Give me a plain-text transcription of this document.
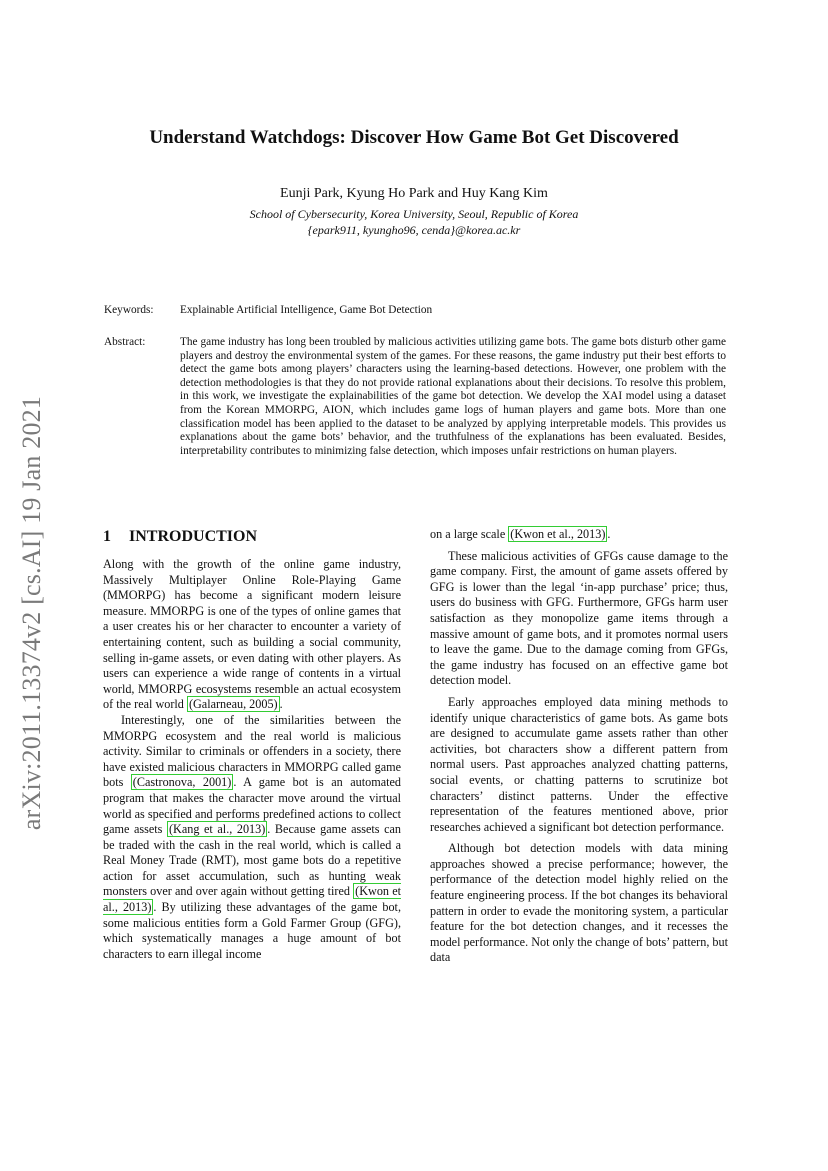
arXiv:2011.13374v2 [cs.AI] 19 Jan 2021
Understand Watchdogs: Discover How Game Bot Get Discovered
Eunji Park, Kyung Ho Park and Huy Kang Kim
School of Cybersecurity, Korea University, Seoul, Republic of Korea
{epark911, kyungho96, cenda}@korea.ac.kr
Keywords:	Explainable Artificial Intelligence, Game Bot Detection
Abstract:	The game industry has long been troubled by malicious activities utilizing game bots. The game bots disturb other game players and destroy the environmental system of the games. For these reasons, the game industry put their best efforts to detect the game bots among players’ characters using the learning-based detections. However, one problem with the detection methodologies is that they do not provide rational explanations about their decisions. To resolve this problem, in this work, we investigate the explainabilities of the game bot detection. We develop the XAI model using a dataset from the Korean MMORPG, AION, which includes game logs of human players and game bots. More than one classification model has been applied to the dataset to be analyzed by applying interpretable models. This provides us explanations about the game bots’ behavior, and the truthfulness of the explanations has been evaluated. Besides, interpretability contributes to minimizing false detection, which imposes unfair restrictions on human players.
1 INTRODUCTION

Along with the growth of the online game industry, Massively Multiplayer Online Role-Playing Game (MMORPG) has become a significant modern leisure measure. MMORPG is one of the types of online games that a user creates his or her character to encounter a variety of entertaining content, such as building a social community, selling in-game assets, or even dating with other players. As users can experience a wide range of contents in a virtual world, MMORPG ecosystems resemble an actual ecosystem of the real world (Galarneau, 2005) .

Interestingly, one of the similarities between the MMORPG ecosystem and the real world is malicious activity. Similar to criminals or offenders in a society, there have existed malicious characters in MMORPG called game bots (Castronova, 2001) . A game bot is an automated program that makes the character move around the virtual world as specified and performs predefined actions to collect game assets (Kang et al., 2013) . Because game assets can be traded with the cash in the real world, which is called a Real Money Trade (RMT), most game bots do a repetitive action for asset accumulation, such as hunting weak monsters over and over again without getting tired (Kwon et al., 2013) . By utilizing these advantages of the game bot, some malicious entities form a Gold Farmer Group (GFG), which systematically manages a huge amount of bot characters to earn illegal income

on a large scale (Kwon et al., 2013) .

These malicious activities of GFGs cause damage to the game company. First, the amount of game assets offered by GFG is lower than the legal ‘in-app purchase’ price; thus, users do business with GFG. Furthermore, GFGs harm user satisfaction as they monopolize game items through a massive amount of game bots, and it promotes normal users to leave the game. Due to the damage coming from GFGs, the game industry has focused on an effective game bot detection model.

Early approaches employed data mining methods to identify unique characteristics of game bots. As game bots are designed to accumulate game assets rather than other activities, bot characters show a different pattern from normal users. Past approaches analyzed chatting patterns, social events, or chatting patterns to scrutinize bot characters’ distinct patterns. Under the effective representation of the features mentioned above, prior researches achieved a significant bot detection performance.

Although bot detection models with data mining approaches showed a precise performance; however, the performance of the detection model highly relied on the feature engineering process. If the bot changes its behavioral pattern in order to evade the monitoring system, a particular feature for the bot detection changes, and it recesses the model performance. Not only the change of bots’ pattern, but data
